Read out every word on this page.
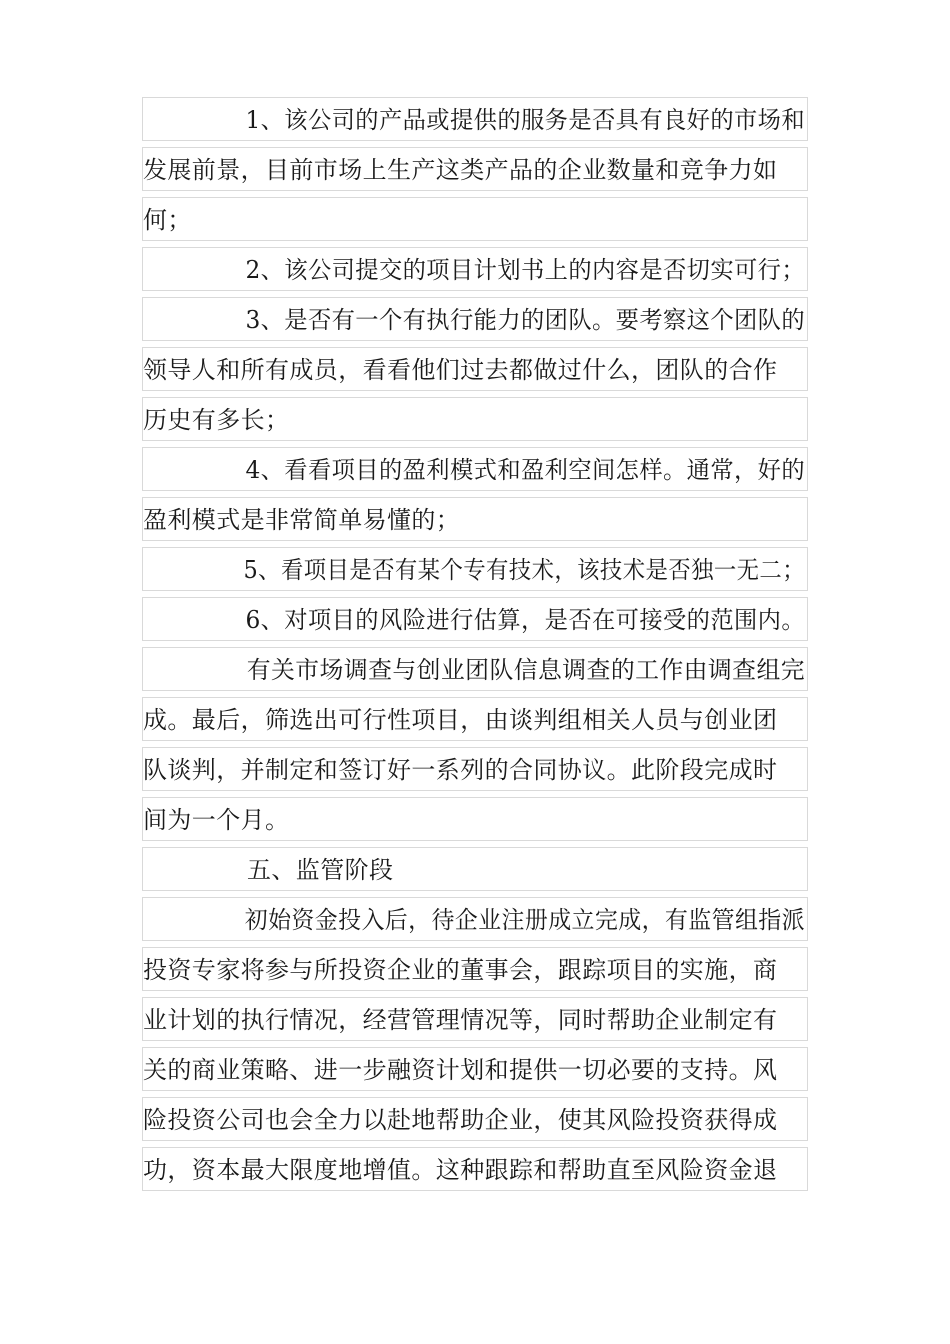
1、该公司的产品或提供的服务是否具有良好的市场和
发展前景，目前市场上生产这类产品的企业数量和竞争力如
何；
2、该公司提交的项目计划书上的内容是否切实可行；
3、是否有一个有执行能力的团队。要考察这个团队的
领导人和所有成员，看看他们过去都做过什么，团队的合作
历史有多长；
4、看看项目的盈利模式和盈利空间怎样。通常，好的
盈利模式是非常简单易懂的；
5、看项目是否有某个专有技术，该技术是否独一无二；
6、对项目的风险进行估算，是否在可接受的范围内。
有关市场调查与创业团队信息调查的工作由调查组完
成。最后，筛选出可行性项目，由谈判组相关人员与创业团
队谈判，并制定和签订好一系列的合同协议。此阶段完成时
间为一个月。
五、监管阶段
初始资金投入后，待企业注册成立完成，有监管组指派
投资专家将参与所投资企业的董事会，跟踪项目的实施，商
业计划的执行情况，经营管理情况等，同时帮助企业制定有
关的商业策略、进一步融资计划和提供一切必要的支持。风
险投资公司也会全力以赴地帮助企业，使其风险投资获得成
功，资本最大限度地增值。这种跟踪和帮助直至风险资金退
